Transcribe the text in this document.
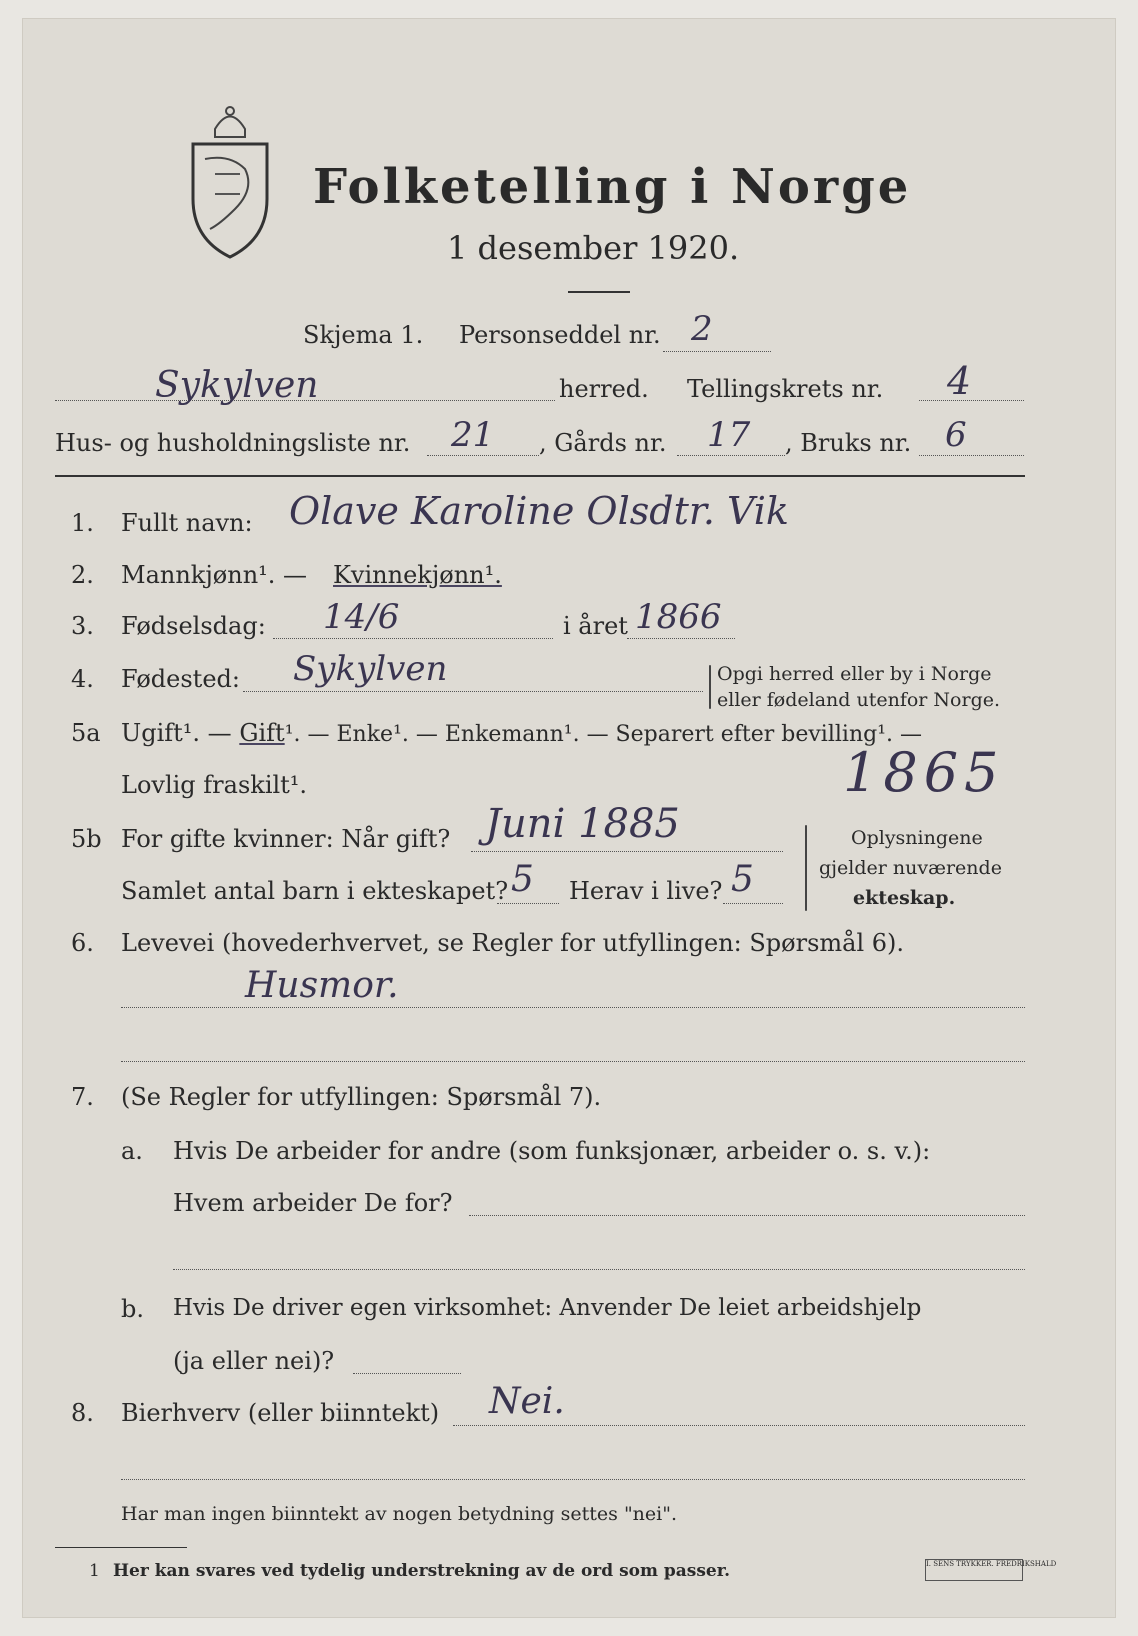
Folketelling i Norge
1 desember 1920.
Skjema 1. Personseddel nr. 2
Sykylven	herred. Tellingskrets nr. 4
Hus- og husholdningsliste nr. 21 , Gårds nr. 17 , Bruks nr. 6
1. Fullt navn: Olave Karoline Olsdtr. Vik
2. Mannkjønn¹. — Kvinnekjønn¹.
3. Fødselsdag: 14/6	i året 1866
4. Fødested: Sykylven	Opgi herred eller by i Norge
eller fødeland utenfor Norge.
5a Ugift¹. — Gift¹. — Enke¹. — Enkemann¹. — Separert efter bevilling¹. —
Lovlig fraskilt¹.	1865
5b For gifte kvinner: Når gift? Juni 1885
Samlet antal barn i ekteskapet? 5 Herav i live? 5
Oplysningene
gjelder nuværende
ekteskap.
6. Levevei (hovederhvervet, se Regler for utfyllingen: Spørsmål 6).
Husmor.
7. (Se Regler for utfyllingen: Spørsmål 7).
a. Hvis De arbeider for andre (som funksjonær, arbeider o. s. v.):
Hvem arbeider De for?
b. Hvis De driver egen virksomhet: Anvender De leiet arbeidshjelp
(ja eller nei)?
8. Bierhverv (eller biinntekt) Nei.
Har man ingen biinntekt av nogen betydning settes "nei".
1 Her kan svares ved tydelig understrekning av de ord som passer.	I. SENS TRYKKER. FREDRIKSHALD
